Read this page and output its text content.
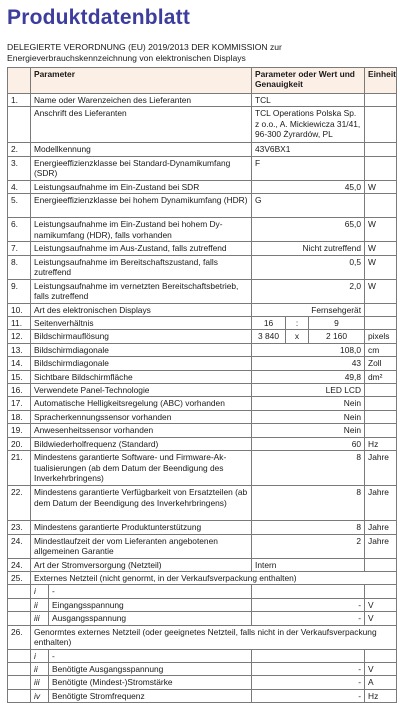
Produktdatenblatt
DELEGIERTE VERORDNUNG (EU) 2019/2013 DER KOMMISSION zur Energieverbrauchskennzeichnung von elektronischen Displays
	Parameter		Parameter oder Wert und Genauigkeit			Einheit
1.	Name oder Warenzeichen des Lieferanten		TCL			
	Anschrift des Lieferanten		TCL Operations Polska Sp. z o.o., A. Mickiewicza 31/41, 96-300 Żyrardów, PL			
2.	Modellkennung		43V6BX1			
3.	Energieeffizienzklasse bei Standard-Dynamikumfang (SDR)		F			
4.	Leistungsaufnahme im Ein-Zustand bei SDR		45,0			W
5.	Energieeffizienzklasse bei hohem Dynamikumfang (HDR)		G			
6.	Leistungsaufnahme im Ein-Zustand bei hohem Dynamikumfang (HDR), falls vorhanden		65,0			W
7.	Leistungsaufnahme im Aus-Zustand, falls zutreffend		Nicht zutreffend			W
8.	Leistungsaufnahme im Bereitschaftszustand, falls zutreffend		0,5			W
9.	Leistungsaufnahme im vernetzten Bereitschaftsbetrieb, falls zutreffend		2,0			W
10.	Art des elektronischen Displays		Fernsehgerät			
11.	Seitenverhältnis		16	:	9	
12.	Bildschirmauflösung		3 840	x	2 160	pixels
13.	Bildschirmdiagonale		108,0			cm
14.	Bildschirmdiagonale		43			Zoll
15.	Sichtbare Bildschirmfläche		49,8			dm²
16.	Verwendete Panel-Technologie		LED LCD			
17.	Automatische Helligkeitsregelung (ABC) vorhanden		Nein			
18.	Spracherkennungssensor vorhanden		Nein			
19.	Anwesenheitssensor vorhanden		Nein			
20.	Bildwiederholfrequenz (Standard)		60			Hz
21.	Mindestens garantierte Software- und Firmware-Aktualisierungen (ab dem Datum der Beendigung des Inverkehrbringens)		8			Jahre
22.	Mindestens garantierte Verfügbarkeit von Ersatzteilen (ab dem Datum der Beendigung des Inverkehrbringens)		8			Jahre
23.	Mindestens garantierte Produktunterstützung		8			Jahre
24.	Mindestlaufzeit der vom Lieferanten angebotenen allgemeinen Garantie		2			Jahre
24.	Art der Stromversorgung (Netzteil)		Intern			
25.	Externes Netzteil (nicht genormt, in der Verkaufsverpackung enthalten)					
	i	-				
	ii	Eingangsspannung	-			V
	iii	Ausgangsspannung	-			V
26.	Genormtes externes Netzteil (oder geeignetes Netzteil, falls nicht in der Verkaufsverpackung enthalten)					
	i	-				
	ii	Benötigte Ausgangsspannung	-			V
	iii	Benötigte (Mindest-)Stromstärke	-			A
	iv	Benötigte Stromfrequenz	-			Hz
